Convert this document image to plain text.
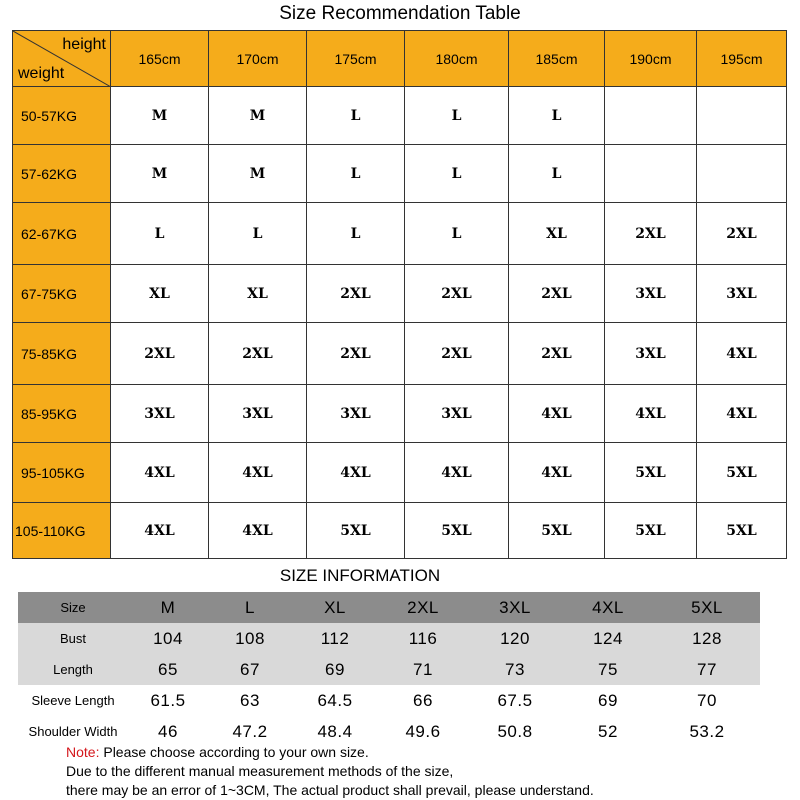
Size Recommendation Table
height
weight	165cm	170cm	175cm	180cm	185cm	190cm	195cm
50-57KG	M	M	L	L	L		
57-62KG	M	M	L	L	L		
62-67KG	L	L	L	L	XL	2XL	2XL
67-75KG	XL	XL	2XL	2XL	2XL	3XL	3XL
75-85KG	2XL	2XL	2XL	2XL	2XL	3XL	4XL
85-95KG	3XL	3XL	3XL	3XL	4XL	4XL	4XL
95-105KG	4XL	4XL	4XL	4XL	4XL	5XL	5XL
105-110KG	4XL	4XL	5XL	5XL	5XL	5XL	5XL
SIZE INFORMATION
Size	M	L	XL	2XL	3XL	4XL	5XL
Bust	104	108	112	116	120	124	128
Length	65	67	69	71	73	75	77
Sleeve Length	61.5	63	64.5	66	67.5	69	70
Shoulder Width	46	47.2	48.4	49.6	50.8	52	53.2
Note: Please choose according to your own size.
Due to the different manual measurement methods of the size,
there may be an error of 1~3CM, The actual product shall prevail, please understand.
